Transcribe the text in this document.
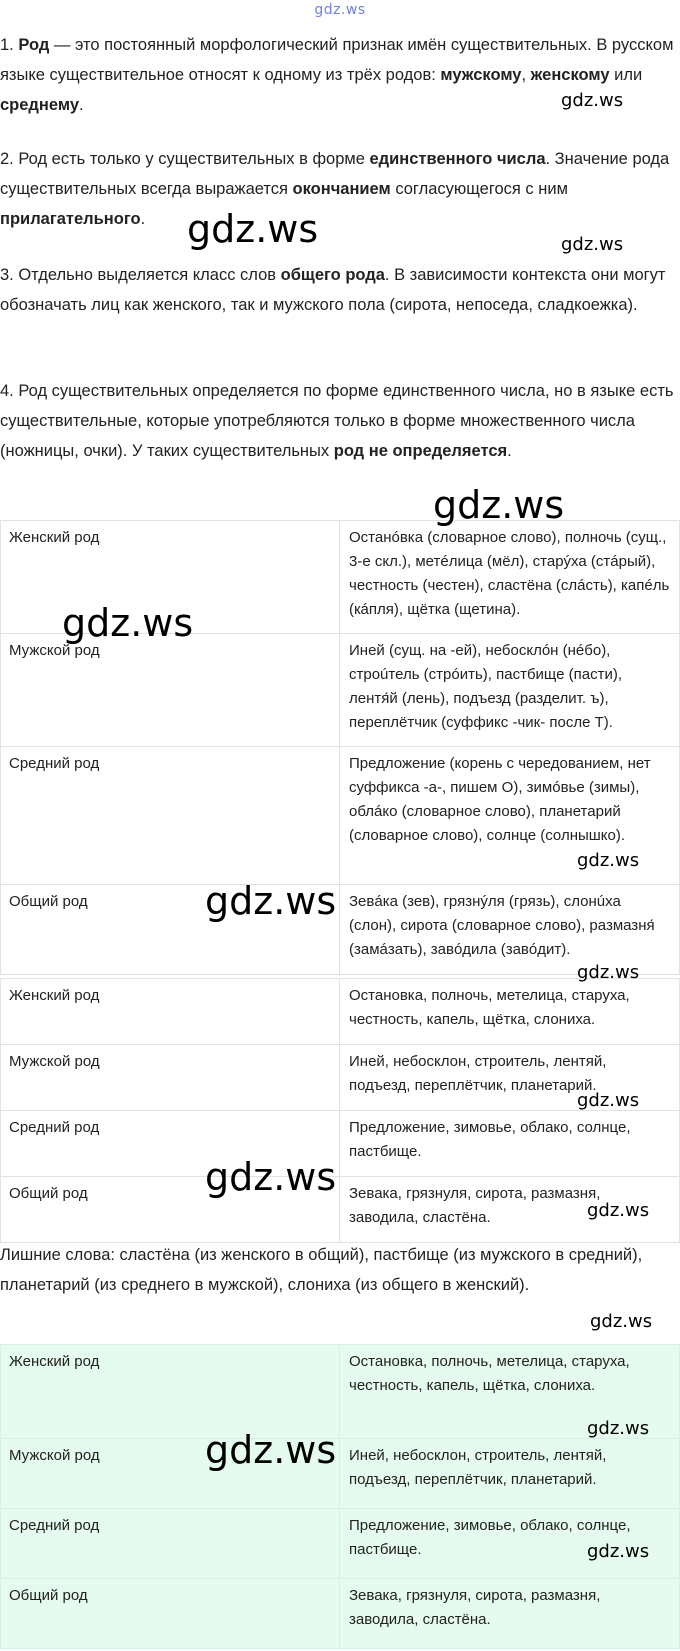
gdz.ws

1. Род — это постоянный морфологический признак имён существительных. В русском языке существительное относят к одному из трёх родов: мужскому, женскому или среднему.

2. Род есть только у существительных в форме единственного числа. Значение рода существительных всегда выражается окончанием согласующегося с ним прилагательного.

3. Отдельно выделяется класс слов общего рода. В зависимости контекста они могут обозначать лиц как женского, так и мужского пола (сирота, непоседа, сладкоежка).

4. Род существительных определяется по форме единственного числа, но в языке есть существительные, которые употребляются только в форме множественного числа (ножницы, очки). У таких существительных род не определяется.

Женский род	Останóвка (словарное слово), полночь (сущ., 3-е скл.), метéлица (мёл), старýха (стáрый), честность (честен), сластёна (слáсть), капéль (кáпля), щётка (щетина).
Мужской род	Иней (сущ. на -ей), небосклóн (нéбо), строúтель (стрóить), пастбище (пасти), лентя́й (лень), подъезд (разделит. ъ), переплётчик (суффикс -чик- после Т).
Средний род	Предложение (корень с чередованием, нет суффикса -а-, пишем О), зимóвье (зимы), облáко (словарное слово), планетарий (словарное слово), солнце (солнышко).
Общий род	Зевáка (зев), грязнýля (грязь), слонúха (слон), сирота (словарное слово), размазня́ (замáзать), завóдила (завóдит).
Женский род	Остановка, полночь, метелица, старуха, честность, капель, щётка, слониха.
Мужской род	Иней, небосклон, строитель, лентяй, подъезд, переплётчик, планетарий.
Средний род	Предложение, зимовье, облако, солнце, пастбище.
Общий род	Зевака, грязнуля, сирота, размазня, заводила, сластёна.

Лишние слова: сластёна (из женского в общий), пастбище (из мужского в средний), планетарий (из среднего в мужской), слониха (из общего в женский).

Женский род	Остановка, полночь, метелица, старуха, честность, капель, щётка, слониха.
Мужской род	Иней, небосклон, строитель, лентяй, подъезд, переплётчик, планетарий.
Средний род	Предложение, зимовье, облако, солнце, пастбище.
Общий род	Зевака, грязнуля, сирота, размазня, заводила, сластёна.
gdz.ws
gdz.ws	gdz.ws
gdz.ws
gdz.ws
gdz.ws
gdz.ws
gdz.ws
gdz.ws
gdz.ws
gdz.ws
gdz.ws
gdz.ws	gdz.ws
gdz.ws
